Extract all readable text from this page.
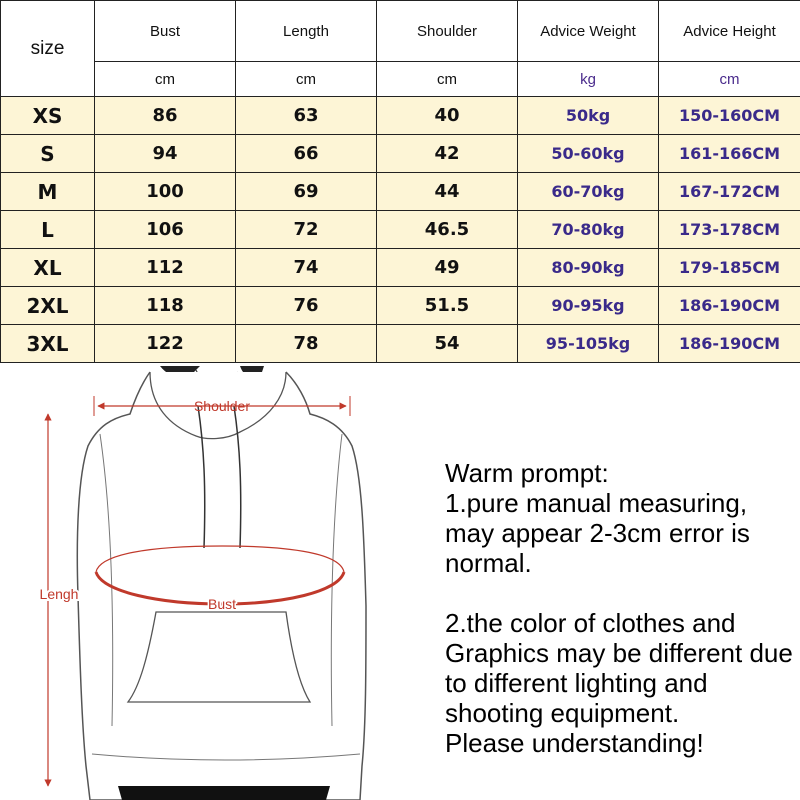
size	Bust	Length	Shoulder	Advice Weight	Advice Height
	cm	cm	cm	kg	cm
XS	86	63	40	50kg	150-160CM
S	94	66	42	50-60kg	161-166CM
M	100	69	44	60-70kg	167-172CM
L	106	72	46.5	70-80kg	173-178CM
XL	112	74	49	80-90kg	179-185CM
2XL	118	76	51.5	90-95kg	186-190CM
3XL	122	78	54	95-105kg	186-190CM
Shoulder
Lengh
Bust

Warm prompt:

1.pure manual measuring, may appear 2-3cm error is normal.

2.the color of clothes and Graphics may be different due to different lighting and shooting equipment.

Please understanding!
